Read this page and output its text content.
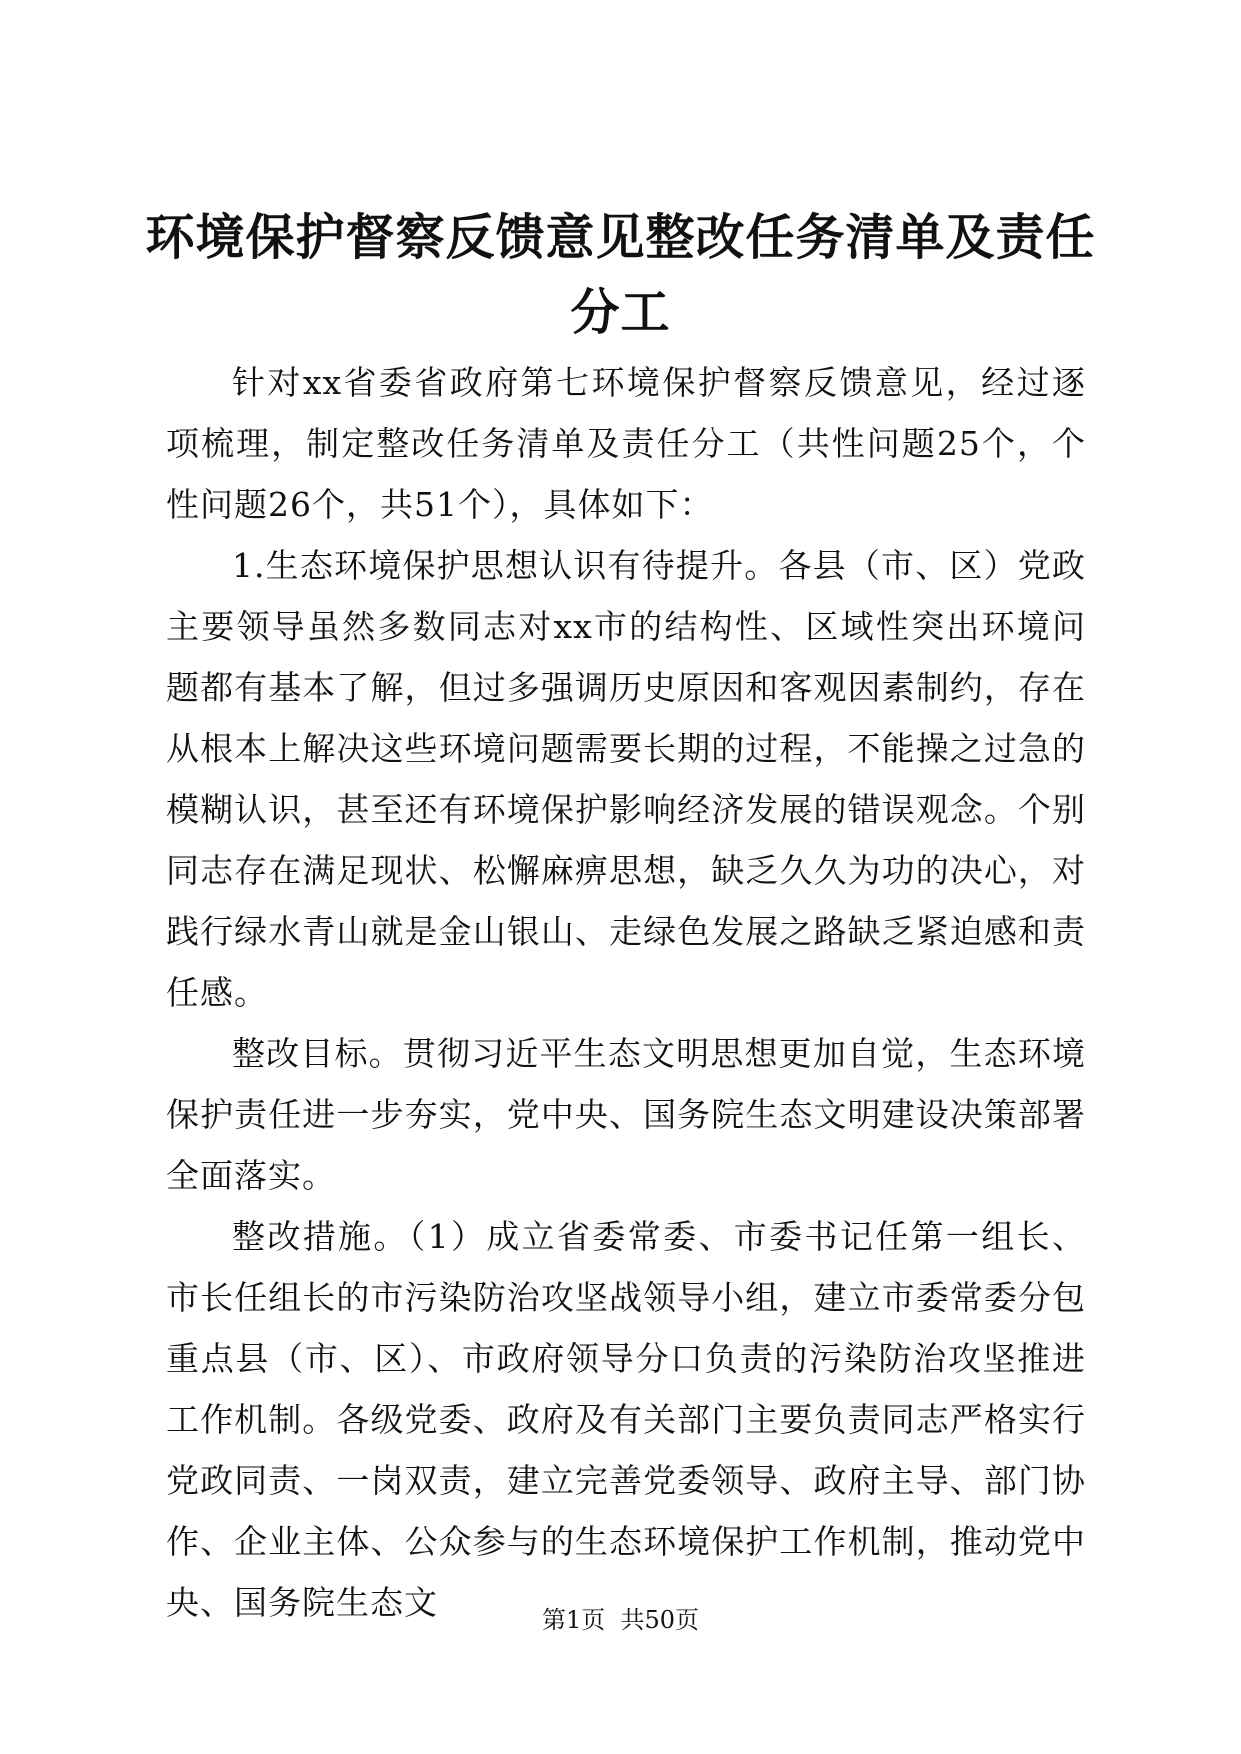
环境保护督察反馈意见整改任务清单及责任分工

针对xx省委省政府第七环境保护督察反馈意见，经过逐项梳理，制定整改任务清单及责任分工（共性问题25个，个性问题26个，共51个），具体如下：

1.生态环境保护思想认识有待提升。各县（市、区）党政主要领导虽然多数同志对xx市的结构性、区域性突出环境问题都有基本了解，但过多强调历史原因和客观因素制约，存在从根本上解决这些环境问题需要长期的过程，不能操之过急的模糊认识，甚至还有环境保护影响经济发展的错误观念。个别同志存在满足现状、松懈麻痹思想，缺乏久久为功的决心，对践行绿水青山就是金山银山、走绿色发展之路缺乏紧迫感和责任感。

整改目标。贯彻习近平生态文明思想更加自觉，生态环境保护责任进一步夯实，党中央、国务院生态文明建设决策部署全面落实。

整改措施。（1）成立省委常委、市委书记任第一组长、市长任组长的市污染防治攻坚战领导小组，建立市委常委分包重点县（市、区）、市政府领导分口负责的污染防治攻坚推进工作机制。各级党委、政府及有关部门主要负责同志严格实行党政同责、一岗双责，建立完善党委领导、政府主导、部门协作、企业主体、公众参与的生态环境保护工作机制，推动党中央、国务院生态文	第1页  共50页
